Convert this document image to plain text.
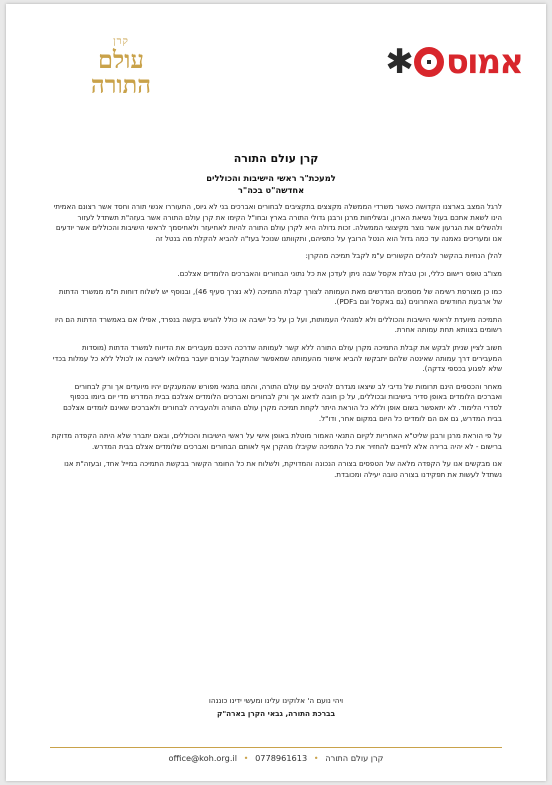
קרן
עולם
התורה
✱ אמוס
קרן עולם התורה
למעכת"ר ראשי הישיבות והכוללים
אחדשה"ט בכה"ר

לרגל המצב בארצנו הקדושה כאשר משרדי הממשלה מקצצים בתקציבים לבחורים ואברכים בני לא גיוס, התעוררו אנשי תורה וחסד אשר רצונם האמיתי הינו לשאת אתכם בעול נשיאת הארון, ובשליחות מרנן ורבנן גדולי התורה בארץ ובחו"ל הקימו את קרן עולם התורה אשר בעזה"ת תשתדל לעזור ולהשלים את הגרעון אשר נוצר מקיצוצי הממשלה. זכות גדולה היא לקרן עולם התורה להיות לאחיעזר ולאחיסמך לראשי הישיבות והכוללים אשר יודעים אנו ומעריכים נאמנה עד כמה גדול הוא הנטל הרובץ על כתפיהם, ותקוותנו שנוכל בעז"ה להביא להקלת מה בנטל זה

להלן הנחיות בהקשר לנהלים הקשורים ע"מ לקבל תמיכה מהקרן:

מצו"ב טופס רישום כללי, וכן טבלת אקסל שבה ניתן לעדכן את כל נתוני הבחורים והאברכים הלומדים אצלכם.

כמו כן מצורפת רשימה של מסמכים הנדרשים מאת העמותה לצורך קבלת התמיכה (לא נצרך סעיף 46), ובנוסף יש לשלוח דוחות ת"מ ממשרד הדתות של ארבעת החודשים האחרונים (גם באקסל וגם בPDF).

התמיכה מיועדת לראשי הישיבות והכוללים ולא למנהלי העמותות, ועל כן על כל ישיבה או כולל להגיש בקשה בנפרד, אפילו אם באמשרד הדתות הם היו רשומים בצוותא תחת עמותה אחרת.

חשוב לציין שניתן לבקש את קבלת התמיכה מקרן עולם התורה ללא קשר לעמותה שדרכה הינכם מעבירים את הדיווח למשרד הדתות (מוסדות המעבירים דרך עמותה שאינטה שלהם יתבקשו להביא אישור מהעמותה שמאפשר שהתקבל עבורם יועבר במלואו לישיבה או לכולל ללא כל עמלות בכדי שלא לפגוע בכספי צדקה).

מאחר והכספים הינם תרומות של נדיבי לב שיצאו מגדרם להיטיב עם עולם התורה, והתנו בתנאי מפורש שהמענקים יהיו מיועדים אך ורק לבחורים ואברכים הלומדים באופן סדיר בישיבות ובכוללים, על כן חובה לדאוג אך ורק לבחורים ואברכים הלומדים אצלכם בבית המדרש מדי יום ביומו בכפוף לסדרי הלימוד. לא יתאפשר בשום אופן וללא כל הוראת היתר לקחת תמיכה מקרן עולם התורה ולהעבירה לבחורים ולאברכים שאינם לומדים אצלכם בבית המדרש, גם אם הם לומדים כל היום במקום אחר, ודו"ל.

על פי הוראת מרנן ורבנן שליט"א האחריות לקיום התנאי האמור מוטלת באופן אישי על ראשי הישיבות והכוללים, ובאם יתברר שלא היתה הקפדה מדוקת ברישום - לא יהיה ברירה אלא לחייבם להחזיר את כל התמיכה שקיבלו מהקרן אף לאותם הבחורים ואברכים שלומדים אצלם בבית המדרש.

אנו מבקשים אנו על הקפדה מלאה של הטפסים בצורה הנכונה והמדויקת, ולשלוח את כל החומר הקשור בבקשת התמיכה במייל אחד, ובעזה"ת אנו נשתדל לעשות את תפקידנו בצורה טובה יעילה ומכובדת.

ויהי נועם ה' אלוקינו עלינו ומעשי ידינו כוננהו
בברכת התורה, גבאי הקרן בארה"ק
office@koh.org.il • 0778961613 • קרן עולם התורה
